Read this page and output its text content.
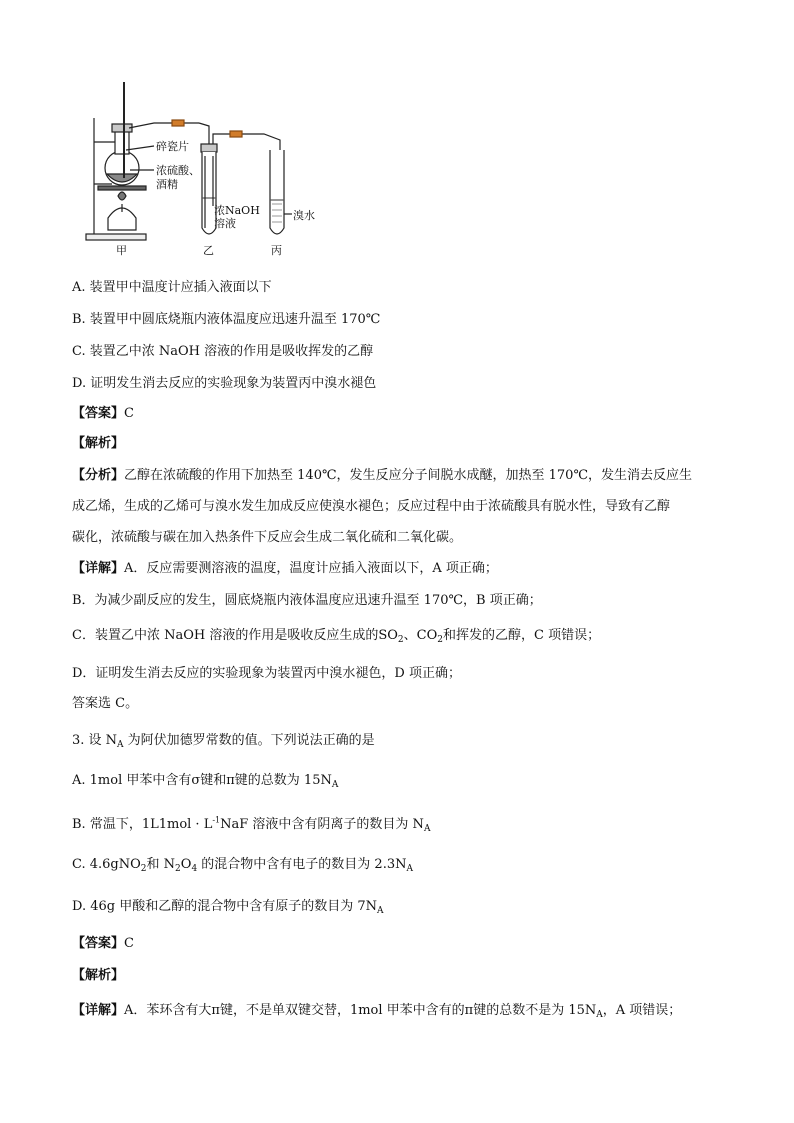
碎瓷片
浓硫酸、
酒精
浓NaOH
溶液
溴水
甲	乙	丙
A. 装置甲中温度计应插入液面以下
B. 装置甲中圆底烧瓶内液体温度应迅速升温至 170℃
C. 装置乙中浓 NaOH 溶液的作用是吸收挥发的乙醇
D. 证明发生消去反应的实验现象为装置丙中溴水褪色
【答案】C
【解析】
【分析】乙醇在浓硫酸的作用下加热至 140℃，发生反应分子间脱水成醚，加热至 170℃，发生消去反应生
成乙烯，生成的乙烯可与溴水发生加成反应使溴水褪色；反应过程中由于浓硫酸具有脱水性，导致有乙醇
碳化，浓硫酸与碳在加入热条件下反应会生成二氧化硫和二氧化碳。
【详解】A．反应需要测溶液的温度，温度计应插入液面以下，A 项正确；
B．为减少副反应的发生，圆底烧瓶内液体温度应迅速升温至 170℃，B 项正确；
C．装置乙中浓 NaOH 溶液的作用是吸收反应生成的$SO_2$、$CO_2$和挥发的乙醇，C 项错误；
D．证明发生消去反应的实验现象为装置丙中溴水褪色，D 项正确；
答案选 C。
3. 设 $N_A$ 为阿伏加德罗常数的值。下列说法正确的是
A. 1mol 甲苯中含有σ键和π键的总数为 $15N_A$
B. 常温下，$1L1mol \cdot L^{-1}NaF$ 溶液中含有阴离子的数目为 $N_A$
C. 4.6gNO$_2$和 $N_2O_4$ 的混合物中含有电子的数目为 $2.3N_A$
D. 46g 甲酸和乙醇的混合物中含有原子的数目为 $7N_A$
【答案】C
【解析】
【详解】A．苯环含有大π键，不是单双键交替，1mol 甲苯中含有的π键的总数不是为 $15N_A$，A 项错误；
